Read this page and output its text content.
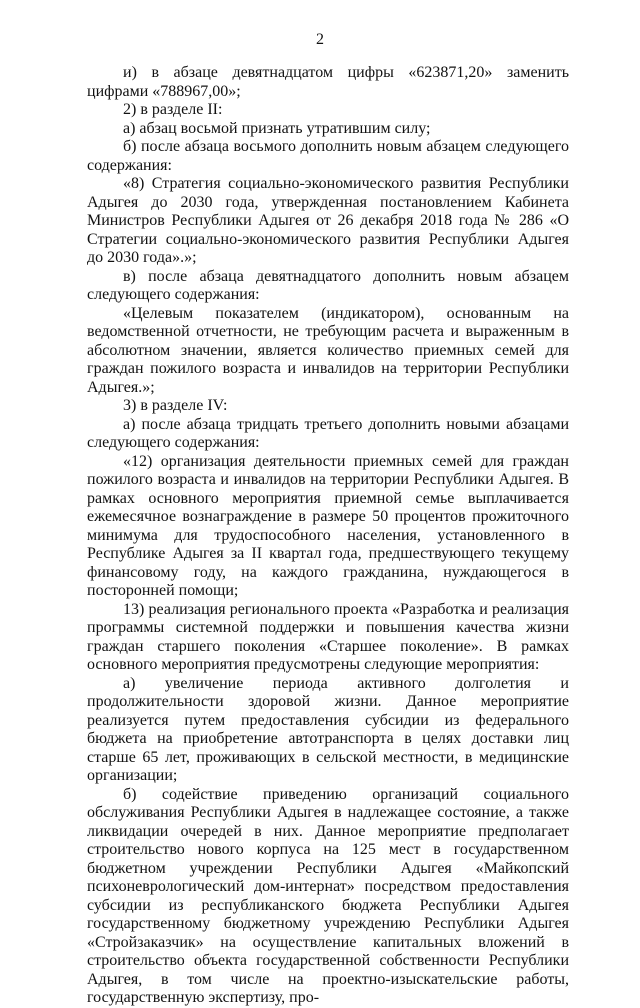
2

и) в абзаце девятнадцатом цифры «623871,20» заменить цифрами «788967,00»;

2) в разделе II:

а) абзац восьмой признать утратившим силу;

б) после абзаца восьмого дополнить новым абзацем следующего содержания:

«8) Стратегия социально-экономического развития Республики Адыгея до 2030 года, утвержденная постановлением Кабинета Министров Республики Адыгея от 26 декабря 2018 года № 286 «О Стратегии социально-экономического развития Республики Адыгея до 2030 года».»;

в) после абзаца девятнадцатого дополнить новым абзацем следующего содержания:

«Целевым показателем (индикатором), основанным на ведомственной отчетности, не требующим расчета и выраженным в абсолютном значении, является количество приемных семей для граждан пожилого возраста и инвалидов на территории Республики Адыгея.»;

3) в разделе IV:

а) после абзаца тридцать третьего дополнить новыми абзацами следующего содержания:

«12) организация деятельности приемных семей для граждан пожилого возраста и инвалидов на территории Республики Адыгея. В рамках основного мероприятия приемной семье выплачивается ежемесячное вознаграждение в размере 50 процентов прожиточного минимума для трудоспособного населения, установленного в Республике Адыгея за II квартал года, предшествующего текущему финансовому году, на каждого гражданина, нуждающегося в посторонней помощи;

13) реализация регионального проекта «Разработка и реализация программы системной поддержки и повышения качества жизни граждан старшего поколения «Старшее поколение». В рамках основного мероприятия предусмотрены следующие мероприятия:

а) увеличение периода активного долголетия и продолжительности здоровой жизни. Данное мероприятие реализуется путем предоставления субсидии из федерального бюджета на приобретение автотранспорта в целях доставки лиц старше 65 лет, проживающих в сельской местности, в медицинские организации;

б) содействие приведению организаций социального обслуживания Республики Адыгея в надлежащее состояние, а также ликвидации очередей в них. Данное мероприятие предполагает строительство нового корпуса на 125 мест в государственном бюджетном учреждении Республики Адыгея «Майкопский психоневрологический дом-интернат» посредством предоставления субсидии из республиканского бюджета Республики Адыгея государственному бюджетному учреждению Республики Адыгея «Стройзаказчик» на осуществление капитальных вложений в строительство объекта государственной собственности Республики Адыгея, в том числе на проектно-изыскательские работы, государственную экспертизу, про-
